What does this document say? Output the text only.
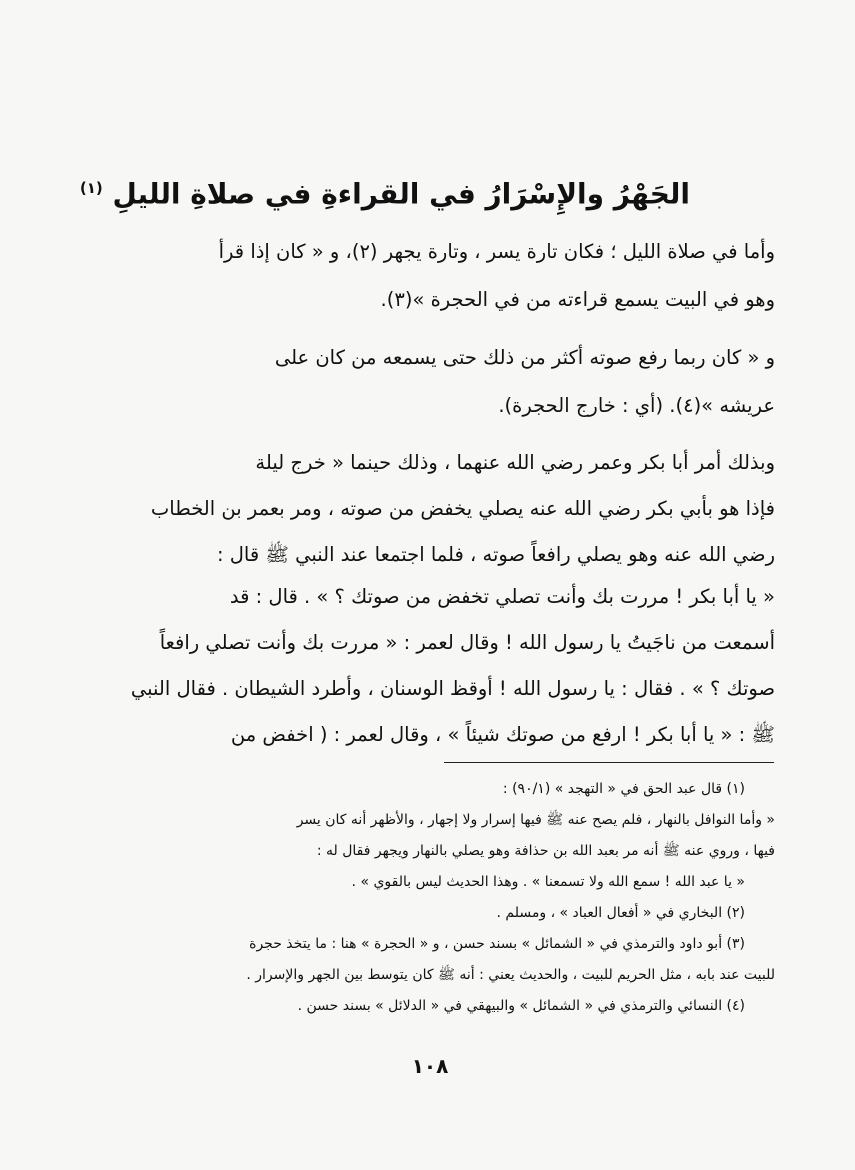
الجَهْرُ والإِسْرَارُ في القراءةِ في صلاةِ الليلِ $^{(١)}$
وأما في صلاة الليل ؛ فكان تارة يسر ، وتارة يجهر (٢)، و « كان إذا قرأ
وهو في البيت يسمع قراءته من في الحجرة »(٣).
و « كان ربما رفع صوته أكثر من ذلك حتى يسمعه من كان على
عريشه »(٤). (أي : خارج الحجرة).
وبذلك أمر أبا بكر وعمر رضي الله عنهما ، وذلك حينما « خرج ليلة
فإذا هو بأبي بكر رضي الله عنه يصلي يخفض من صوته ، ومر بعمر بن الخطاب
رضي الله عنه وهو يصلي رافعاً صوته ، فلما اجتمعا عند النبي ﷺ قال :
« يا أبا بكر ! مررت بك وأنت تصلي تخفض من صوتك ؟ » . قال : قد
أسمعت من ناجَيتُ يا رسول الله ! وقال لعمر : « مررت بك وأنت تصلي رافعاً
صوتك ؟ » . فقال : يا رسول الله ! أوقظ الوسنان ، وأطرد الشيطان . فقال النبي
ﷺ : « يا أبا بكر ! ارفع من صوتك شيئاً » ، وقال لعمر : ( اخفض من
(١) قال عبد الحق في « التهجد » (٩٠/١) :
« وأما النوافل بالنهار ، فلم يصح عنه ﷺ فيها إسرار ولا إجهار ، والأظهر أنه كان يسر
فيها ، وروي عنه ﷺ أنه مر بعبد الله بن حذافة وهو يصلي بالنهار ويجهر فقال له :
« يا عبد الله ! سمع الله ولا تسمعنا » . وهذا الحديث ليس بالقوي » .
(٢) البخاري في « أفعال العباد » ، ومسلم .
(٣) أبو داود والترمذي في « الشمائل » بسند حسن ، و « الحجرة » هنا : ما يتخذ حجرة
للبيت عند بابه ، مثل الحريم للبيت ، والحديث يعني : أنه ﷺ كان يتوسط بين الجهر والإسرار .
(٤) النسائي والترمذي في « الشمائل » والبيهقي في « الدلائل » بسند حسن .
١٠٨
